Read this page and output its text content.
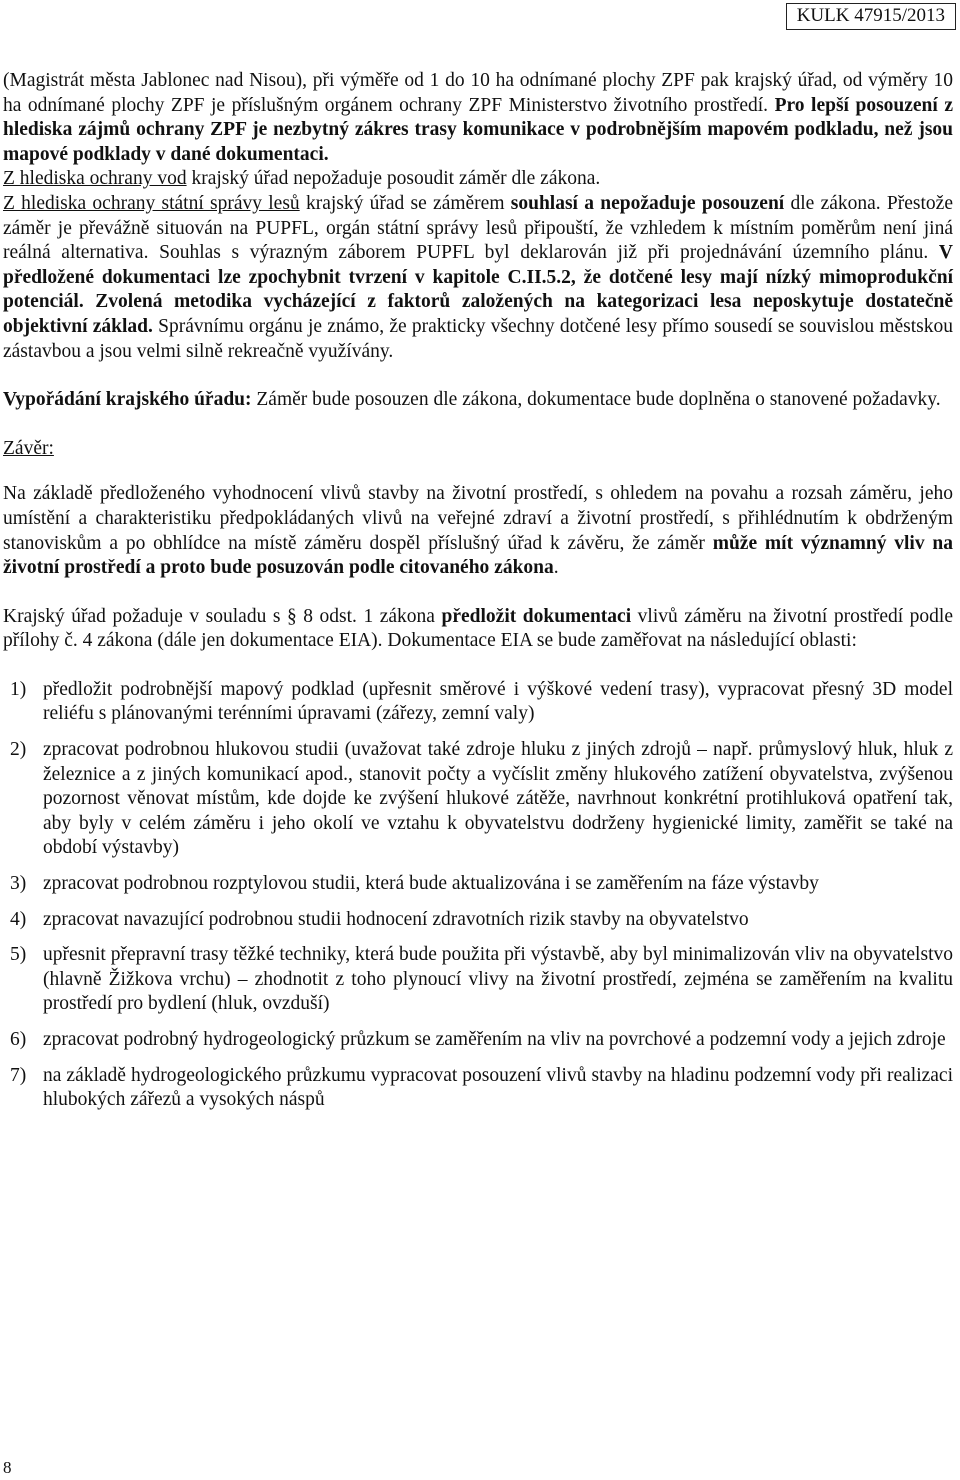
KULK 47915/2013

(Magistrát města Jablonec nad Nisou), při výměře od 1 do 10 ha odnímané plochy ZPF pak krajský úřad, od výměry 10 ha odnímané plochy ZPF je příslušným orgánem ochrany ZPF Ministerstvo životního prostředí. Pro lepší posouzení z hlediska zájmů ochrany ZPF je nezbytný zákres trasy komunikace v podrobnějším mapovém podkladu, než jsou mapové podklady v dané dokumentaci.

Z hlediska ochrany vod krajský úřad nepožaduje posoudit záměr dle zákona.

Z hlediska ochrany státní správy lesů krajský úřad se záměrem souhlasí a nepožaduje posouzení dle zákona. Přestože záměr je převážně situován na PUPFL, orgán státní správy lesů připouští, že vzhledem k místním poměrům není jiná reálná alternativa. Souhlas s výrazným záborem PUPFL byl deklarován již při projednávání územního plánu. V předložené dokumentaci lze zpochybnit tvrzení v kapitole C.II.5.2, že dotčené lesy mají nízký mimoprodukční potenciál. Zvolená metodika vycházející z faktorů založených na kategorizaci lesa neposkytuje dostatečně objektivní základ. Správnímu orgánu je známo, že prakticky všechny dotčené lesy přímo sousedí se souvislou městskou zástavbou a jsou velmi silně rekreačně využívány.

Vypořádání krajského úřadu: Záměr bude posouzen dle zákona, dokumentace bude doplněna o stanovené požadavky.

Závěr:

Na základě předloženého vyhodnocení vlivů stavby na životní prostředí, s ohledem na povahu a rozsah záměru, jeho umístění a charakteristiku předpokládaných vlivů na veřejné zdraví a životní prostředí, s přihlédnutím k obdrženým stanoviskům a po obhlídce na místě záměru dospěl příslušný úřad k závěru, že záměr může mít významný vliv na životní prostředí a proto bude posuzován podle citovaného zákona.

Krajský úřad požaduje v souladu s § 8 odst. 1 zákona předložit dokumentaci vlivů záměru na životní prostředí podle přílohy č. 4 zákona (dále jen dokumentace EIA). Dokumentace EIA se bude zaměřovat na následující oblasti:

1) předložit podrobnější mapový podklad (upřesnit směrové i výškové vedení trasy), vypracovat přesný 3D model reliéfu s plánovanými terénními úpravami (zářezy, zemní valy)
2) zpracovat podrobnou hlukovou studii (uvažovat také zdroje hluku z jiných zdrojů – např. průmyslový hluk, hluk z železnice a z jiných komunikací apod., stanovit počty a vyčíslit změny hlukového zatížení obyvatelstva, zvýšenou pozornost věnovat místům, kde dojde ke zvýšení hlukové zátěže, navrhnout konkrétní protihluková opatření tak, aby byly v celém záměru i jeho okolí ve vztahu k obyvatelstvu dodrženy hygienické limity, zaměřit se také na období výstavby)
3) zpracovat podrobnou rozptylovou studii, která bude aktualizována i se zaměřením na fáze výstavby
4) zpracovat navazující podrobnou studii hodnocení zdravotních rizik stavby na obyvatelstvo
5) upřesnit přepravní trasy těžké techniky, která bude použita při výstavbě, aby byl minimalizován vliv na obyvatelstvo (hlavně Žižkova vrchu) – zhodnotit z toho plynoucí vlivy na životní prostředí, zejména se zaměřením na kvalitu prostředí pro bydlení (hluk, ovzduší)
6) zpracovat podrobný hydrogeologický průzkum se zaměřením na vliv na povrchové a podzemní vody a jejich zdroje
7) na základě hydrogeologického průzkumu vypracovat posouzení vlivů stavby na hladinu podzemní vody při realizaci hlubokých zářezů a vysokých náspů
8
